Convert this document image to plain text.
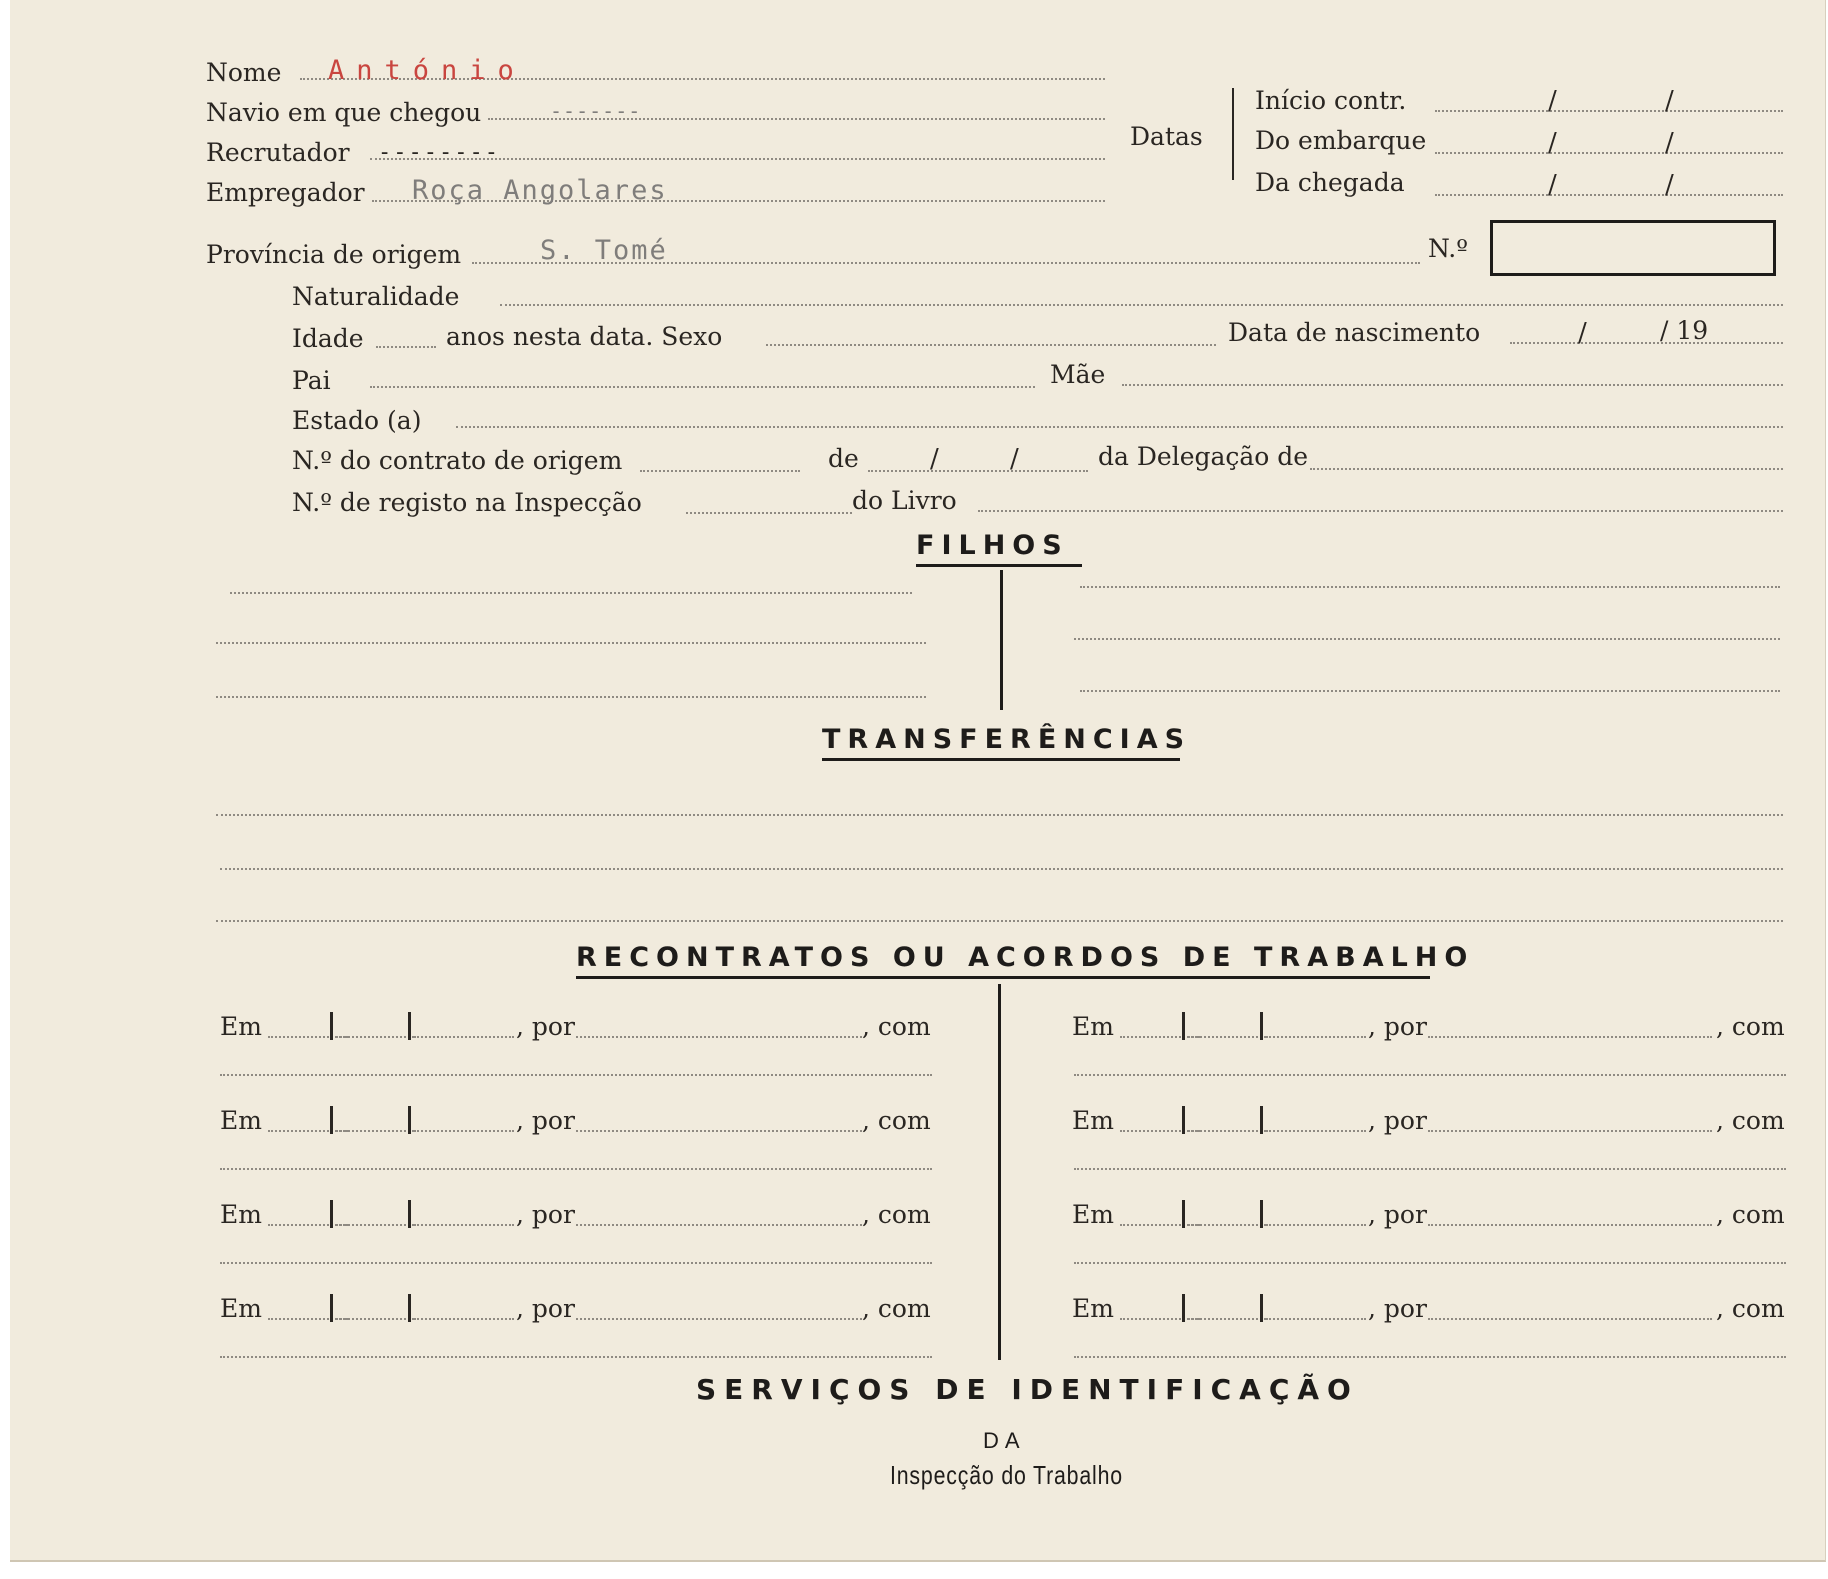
Nome António
Navio em que chegou	-------
Recrutador --------
Empregador Roça Angolares
Datas
Início contr.	/	/
Do embarque	/	/
Da chegada	/	/
Província de origem	S. Tomé	N.º
Naturalidade
Idade	anos nesta data. Sexo	Data de nascimento	/	/ 19
Pai	Mãe
Estado (a)
N.º do contrato de origem	de	/	/	da Delegação de
N.º de registo na Inspecção	do Livro
FILHOS
TRANSFERÊNCIAS
RECONTRATOS OU ACORDOS DE TRABALHO
Em	, por	, com	Em	, por	, com
Em	, por	, com	Em	, por	, com
Em	, por	, com	Em	, por	, com
Em	, por	, com	Em	, por	, com
SERVIÇOS DE IDENTIFICAÇÃO
DA
Inspecção do Trabalho
